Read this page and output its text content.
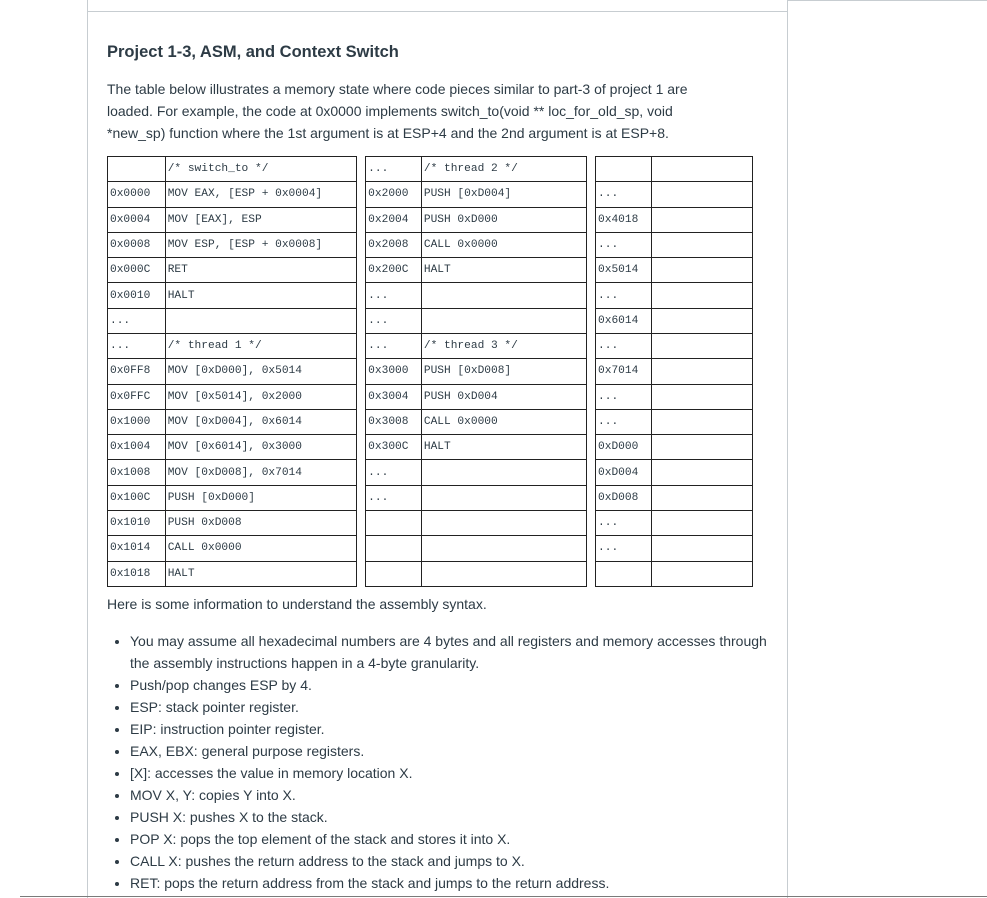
Project 1-3, ASM, and Context Switch

The table below illustrates a memory state where code pieces similar to part-3 of project 1 are
loaded. For example, the code at 0x0000 implements switch_to(void ** loc_for_old_sp, void
*new_sp) function where the 1st argument is at ESP+4 and the 2nd argument is at ESP+8.

	/* switch_to */		...	/* thread 2 */			
0x0000	MOV EAX, [ESP + 0x0004]		0x2000	PUSH [0xD004]		...	
0x0004	MOV [EAX], ESP		0x2004	PUSH 0xD000		0x4018	
0x0008	MOV ESP, [ESP + 0x0008]		0x2008	CALL 0x0000		...	
0x000C	RET		0x200C	HALT		0x5014	
0x0010	HALT		...			...	
...			...			0x6014	
...	/* thread 1 */		...	/* thread 3 */		...	
0x0FF8	MOV [0xD000], 0x5014		0x3000	PUSH [0xD008]		0x7014	
0x0FFC	MOV [0x5014], 0x2000		0x3004	PUSH 0xD004		...	
0x1000	MOV [0xD004], 0x6014		0x3008	CALL 0x0000		...	
0x1004	MOV [0x6014], 0x3000		0x300C	HALT		0xD000	
0x1008	MOV [0xD008], 0x7014		...			0xD004	
0x100C	PUSH [0xD000]		...			0xD008	
0x1010	PUSH 0xD008					...	
0x1014	CALL 0x0000					...	
0x1018	HALT						

Here is some information to understand the assembly syntax.

• You may assume all hexadecimal numbers are 4 bytes and all registers and memory accesses through the assembly instructions happen in a 4-byte granularity.
• Push/pop changes ESP by 4.
• ESP: stack pointer register.
• EIP: instruction pointer register.
• EAX, EBX: general purpose registers.
• [X]: accesses the value in memory location X.
• MOV X, Y: copies Y into X.
• PUSH X: pushes X to the stack.
• POP X: pops the top element of the stack and stores it into X.
• CALL X: pushes the return address to the stack and jumps to X.
• RET: pops the return address from the stack and jumps to the return address.
